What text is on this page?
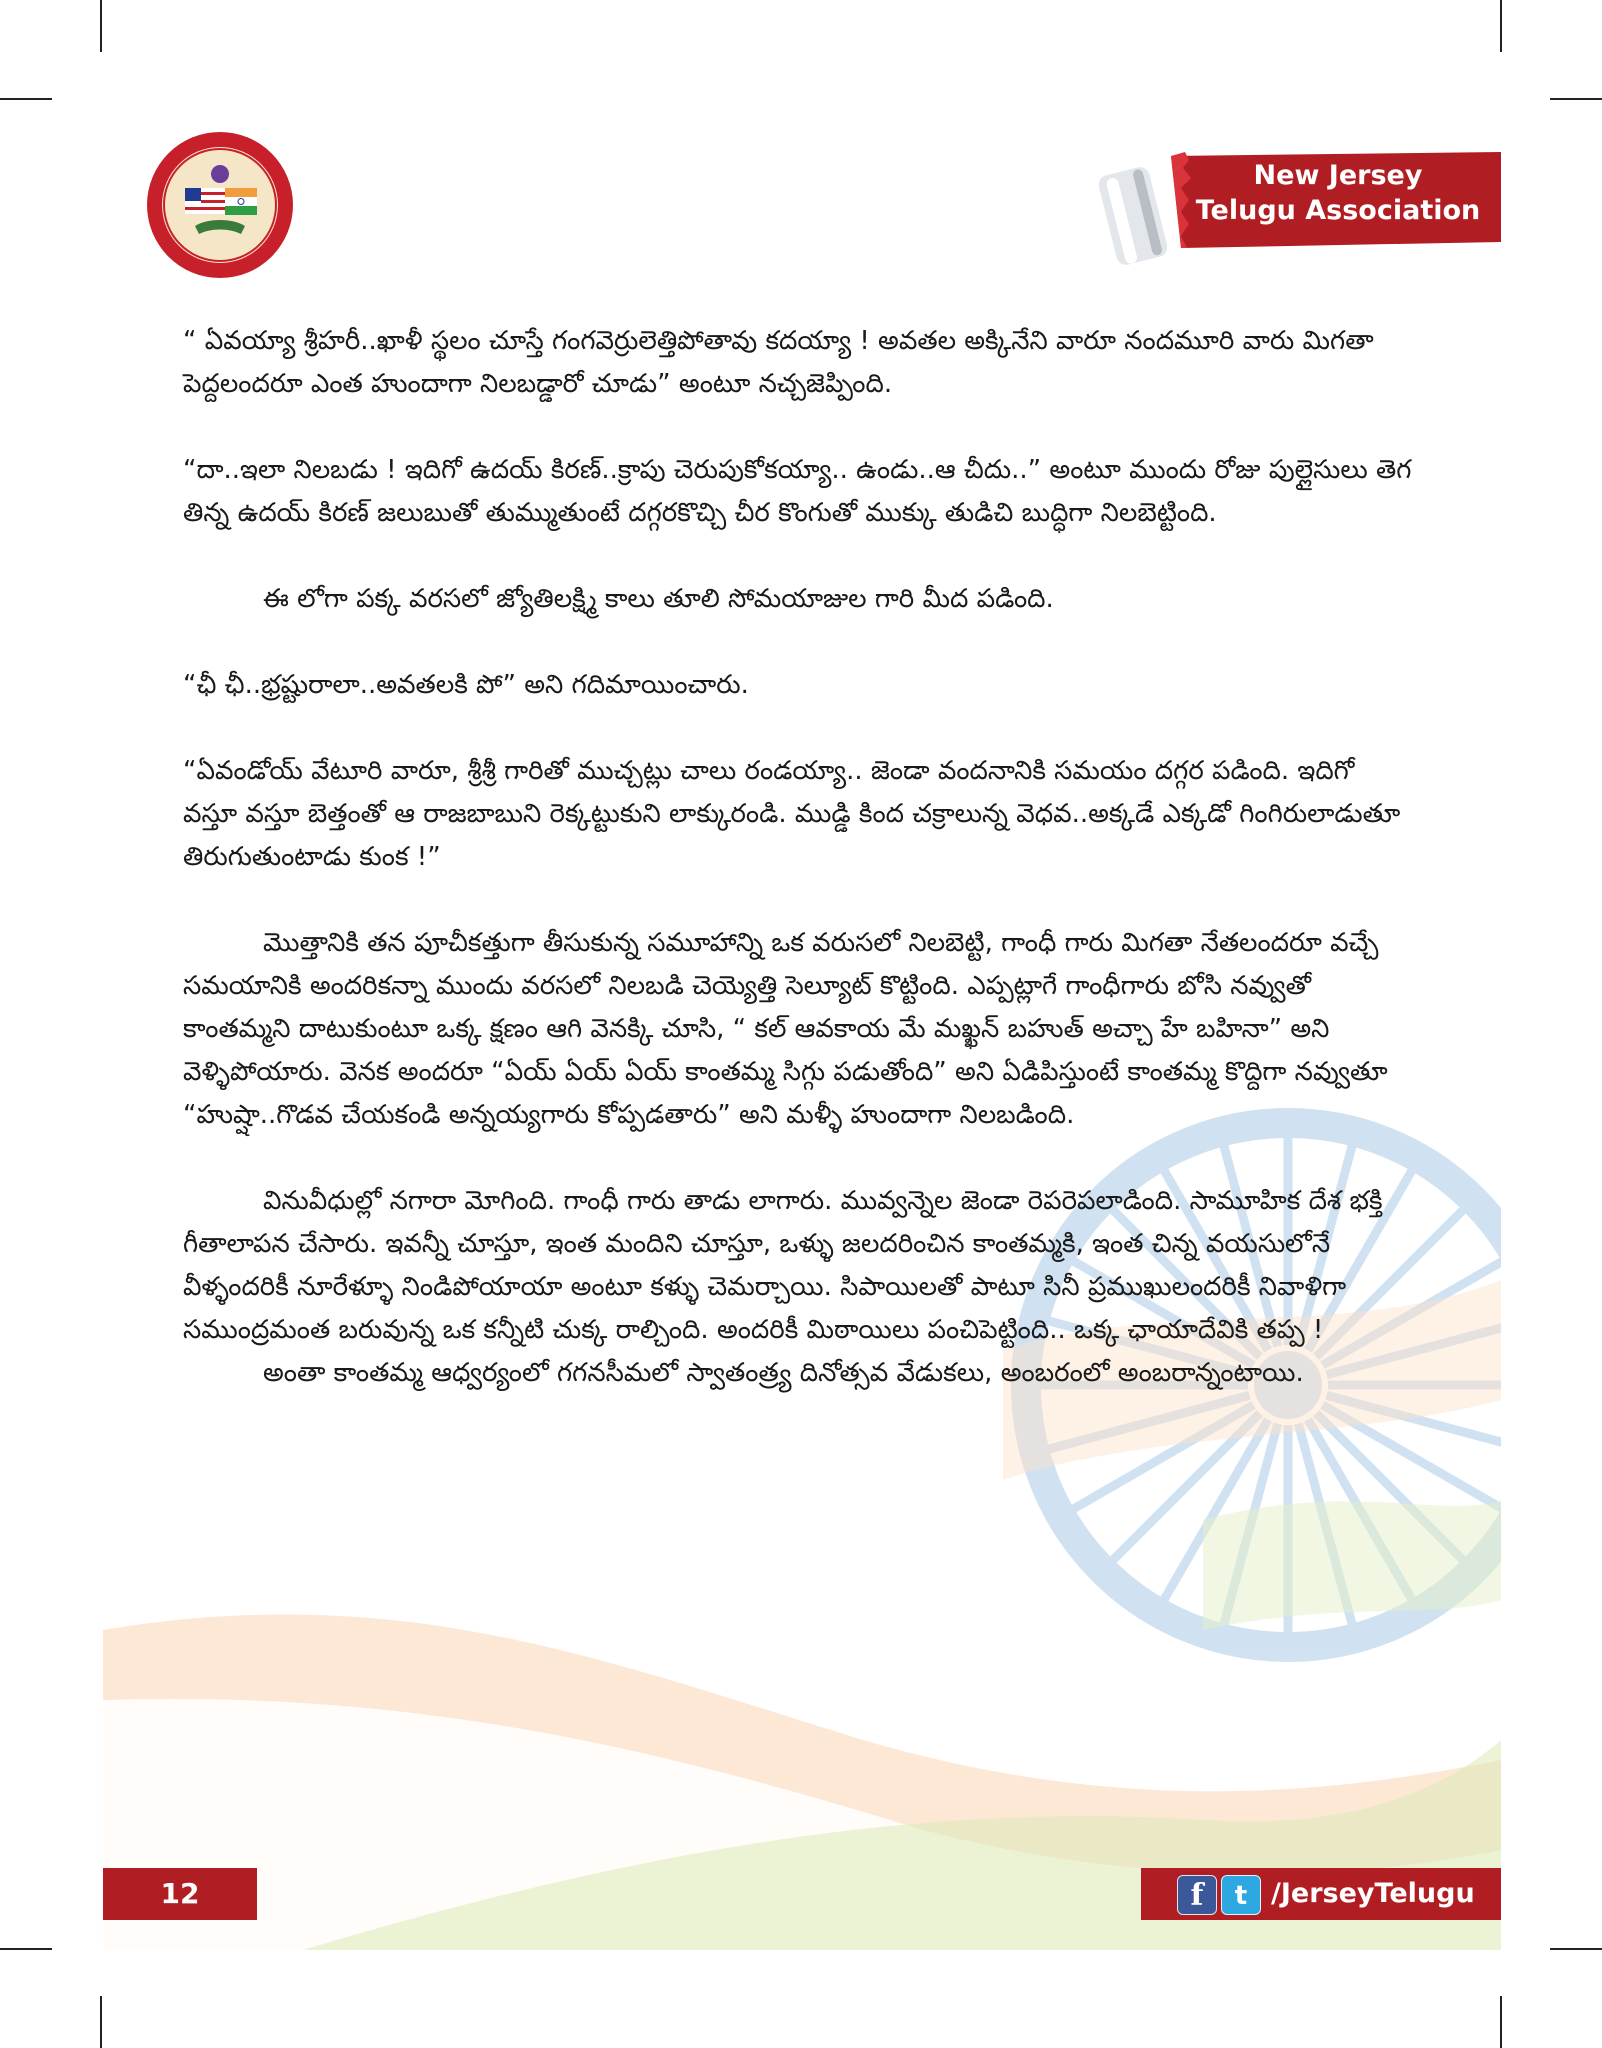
New Jersey
Telugu Association

“ ఏవయ్యా శ్రీహరీ..ఖాళీ స్థలం చూస్తే గంగవెర్రులెత్తిపోతావు కదయ్యా ! అవతల అక్కినేని వారూ నందమూరి వారు మిగతా పెద్దలందరూ ఎంత హుందాగా నిలబడ్డారో చూడు” అంటూ నచ్చజెప్పింది.

“దా..ఇలా నిలబడు ! ఇదిగో ఉదయ్ కిరణ్..క్రాపు చెరుపుకోకయ్యా.. ఉండు..ఆ చీదు..” అంటూ ముందు రోజు పుల్లైసులు తెగ తిన్న ఉదయ్ కిరణ్ జలుబుతో తుమ్ముతుంటే దగ్గరకొచ్చి చీర కొంగుతో ముక్కు తుడిచి బుద్ధిగా నిలబెట్టింది.

ఈ లోగా పక్క వరసలో జ్యోతిలక్ష్మి కాలు తూలి సోమయాజుల గారి మీద పడింది.

“ఛీ ఛీ..భ్రష్టురాలా..అవతలకి పో” అని గదిమాయించారు.

“ఏవండోయ్ వేటూరి వారూ, శ్రీశ్రీ గారితో ముచ్చట్లు చాలు రండయ్యా.. జెండా వందనానికి సమయం దగ్గర పడింది. ఇదిగో వస్తూ వస్తూ బెత్తంతో ఆ రాజబాబుని రెక్కట్టుకుని లాక్కురండి. ముడ్డి కింద చక్రాలున్న వెధవ..అక్కడే ఎక్కడో గింగిరులాడుతూ తిరుగుతుంటాడు కుంక !”

మొత్తానికి తన పూచీకత్తుగా తీసుకున్న సమూహాన్ని ఒక వరుసలో నిలబెట్టి, గాంధీ గారు మిగతా నేతలందరూ వచ్చే సమయానికి అందరికన్నా ముందు వరసలో నిలబడి చెయ్యెత్తి సెల్యూట్ కొట్టింది. ఎప్పట్లాగే గాంధీగారు బోసి నవ్వుతో కాంతమ్మని దాటుకుంటూ ఒక్క క్షణం ఆగి వెనక్కి చూసి, “ కల్ ఆవకాయ మే మఖ్ఖన్ బహుత్ అచ్చా హే బహినా” అని వెళ్ళిపోయారు. వెనక అందరూ “ఏయ్ ఏయ్ ఏయ్ కాంతమ్మ సిగ్గు పడుతోంది” అని ఏడిపిస్తుంటే కాంతమ్మ కొద్దిగా నవ్వుతూ “హుష్షా..గొడవ చేయకండి అన్నయ్యగారు కోప్పడతారు” అని మళ్ళీ హుందాగా నిలబడింది.

వినువీధుల్లో నగారా మోగింది. గాంధీ గారు తాడు లాగారు. మువ్వన్నెల జెండా రెపరెపలాడింది. సామూహిక దేశ భక్తి గీతాలాపన చేసారు. ఇవన్నీ చూస్తూ, ఇంత మందిని చూస్తూ, ఒళ్ళు జలదరించిన కాంతమ్మకి, ఇంత చిన్న వయసులోనే వీళ్ళందరికీ నూరేళ్ళూ నిండిపోయాయా అంటూ కళ్ళు చెమర్చాయి. సిపాయిలతో పాటూ సినీ ప్రముఖులందరికీ నివాళిగా సముంద్రమంత బరువున్న ఒక కన్నీటి చుక్క రాల్చింది. అందరికీ మిఠాయిలు పంచిపెట్టింది.. ఒక్క ఛాయాదేవికి తప్ప !

అంతా కాంతమ్మ ఆధ్వర్యంలో గగనసీమలో స్వాతంత్ర్య దినోత్సవ వేడుకలు, అంబరంలో అంబరాన్నంటాయి.

12	f	t /JerseyTelugu
